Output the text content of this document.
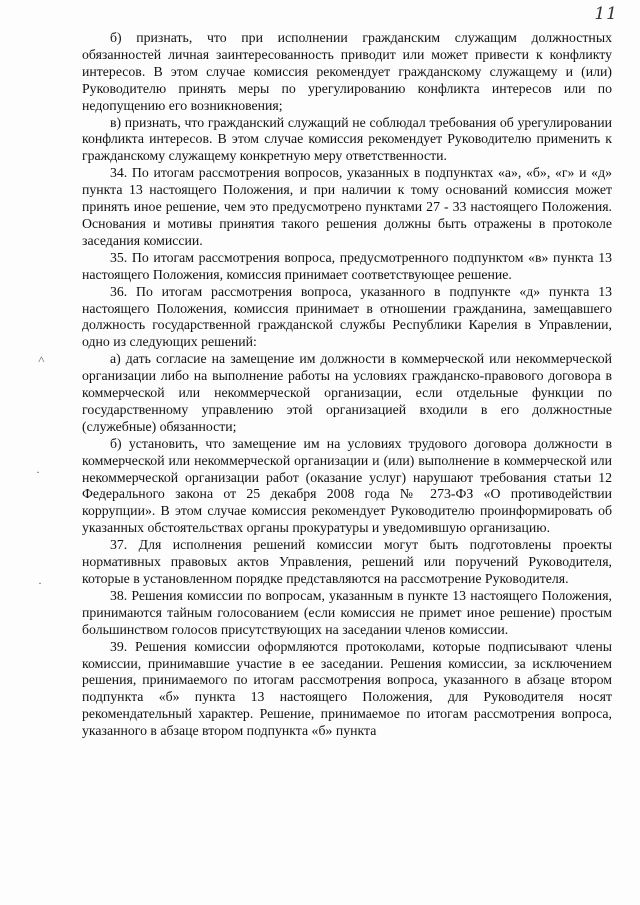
11
˄
·
·

б) признать, что при исполнении гражданским служащим должностных обязанностей личная заинтересованность приводит или может привести к конфликту интересов. В этом случае комиссия рекомендует гражданскому служащему и (или) Руководителю принять меры по урегулированию конфликта интересов или по недопущению его возникновения;

в) признать, что гражданский служащий не соблюдал требования об урегулировании конфликта интересов. В этом случае комиссия рекомендует Руководителю применить к гражданскому служащему конкретную меру ответственности.

34. По итогам рассмотрения вопросов, указанных в подпунктах «а», «б», «г» и «д» пункта 13 настоящего Положения, и при наличии к тому оснований комиссия может принять иное решение, чем это предусмотрено пунктами 27 - 33 настоящего Положения. Основания и мотивы принятия такого решения должны быть отражены в протоколе заседания комиссии.

35. По итогам рассмотрения вопроса, предусмотренного подпунктом «в» пункта 13 настоящего Положения, комиссия принимает соответствующее решение.

36. По итогам рассмотрения вопроса, указанного в подпункте «д» пункта 13 настоящего Положения, комиссия принимает в отношении гражданина, замещавшего должность государственной гражданской службы Республики Карелия в Управлении, одно из следующих решений:

а) дать согласие на замещение им должности в коммерческой или некоммерческой организации либо на выполнение работы на условиях гражданско-правового договора в коммерческой или некоммерческой организации, если отдельные функции по государственному управлению этой организацией входили в его должностные (служебные) обязанности;

б) установить, что замещение им на условиях трудового договора должности в коммерческой или некоммерческой организации и (или) выполнение в коммерческой или некоммерческой организации работ (оказание услуг) нарушают требования статьи 12 Федерального закона от 25 декабря 2008 года № 273-ФЗ «О противодействии коррупции». В этом случае комиссия рекомендует Руководителю проинформировать об указанных обстоятельствах органы прокуратуры и уведомившую организацию.

37. Для исполнения решений комиссии могут быть подготовлены проекты нормативных правовых актов Управления, решений или поручений Руководителя, которые в установленном порядке представляются на рассмотрение Руководителя.

38. Решения комиссии по вопросам, указанным в пункте 13 настоящего Положения, принимаются тайным голосованием (если комиссия не примет иное решение) простым большинством голосов присутствующих на заседании членов комиссии.

39. Решения комиссии оформляются протоколами, которые подписывают члены комиссии, принимавшие участие в ее заседании. Решения комиссии, за исключением решения, принимаемого по итогам рассмотрения вопроса, указанного в абзаце втором подпункта «б» пункта 13 настоящего Положения, для Руководителя носят рекомендательный характер. Решение, принимаемое по итогам рассмотрения вопроса, указанного в абзаце втором подпункта «б» пункта
